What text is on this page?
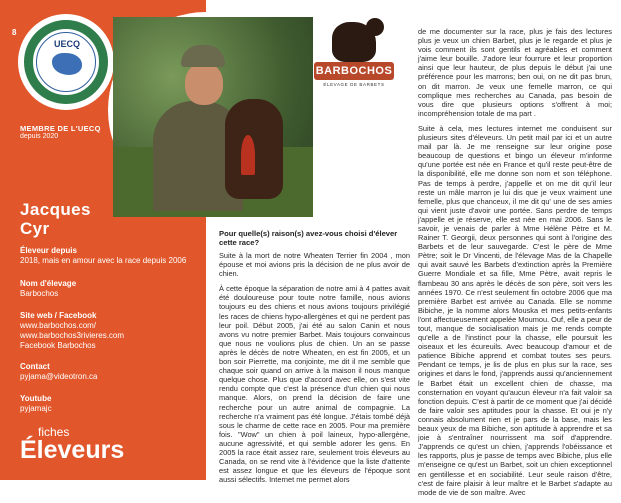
8
UECQ
MEMBRE DE L'UECQ
depuis 2020
Jacques
Cyr
Éleveur depuis
2018, mais en amour avec la race depuis 2006
Nom d'élevage
Barbochos
Site web / Facebook
www.barbochos.com/
www.barbochos3rivieres.com
Facebook Barbochos
Contact
pyjama@videotron.ca
Youtube
pyjamajc
fiches
Éleveurs
BARBOCHOS
ÉLEVAGE DE BARBETS
Pour quelle(s) raison(s) avez-vous choisi d'élever cette race?

Suite à la mort de notre Wheaten Terrier fin 2004 , mon épouse et moi avions pris la décision de ne plus avoir de chien.

À cette époque la séparation de notre ami à 4 pattes avait été douloureuse pour toute notre famille, nous avions toujours eu des chiens et nous avions toujours privilégié les races de chiens hypo-allergènes et qui ne perdent pas leur poil. Début 2005, j'ai été au salon Canin et nous avons vu notre premier Barbet. Mais toujours convaincus que nous ne voulions plus de chien. Un an se passe après le décès de notre Wheaten, en est fin 2005, et un bon soir Pierrette, ma conjointe, me dit il me semble que chaque soir quand on arrive à la maison il nous manque quelque chose. Plus que d'accord avec elle, on s'est vite rendu compte que c'est la présence d'un chien qui nous manque. Alors, on prend la décision de faire une recherche pour un autre animal de compagnie. La recherche n'a vraiment pas été longue. J'étais tombé déjà sous le charme de cette race en 2005. Pour ma première fois. "Wow" un chien à poil laineux, hypo-allergène, aucune agressivité, et qui semble adorer les gens. En 2005 la race était assez rare, seulement trois éleveurs au Canada, on se rend vite à l'évidence que la liste d'attente est assez longue et que les éleveurs de l'époque sont aussi sélectifs. Internet me permet alors

de me documenter sur la race, plus je fais des lectures plus je veux un chien Barbet, plus je le regarde et plus je vois comment ils sont gentils et agréables et comment j'aime leur bouille. J'adore leur fourrure et leur proportion ainsi que leur hauteur, de plus depuis le début j'ai une préférence pour les marrons; ben oui, on ne dit pas brun, on dit marron. Je veux une femelle marron, ce qui complique mes recherches au Canada, pas besoin de vous dire que plusieurs options s'offrent à moi; incompréhension totale de ma part .

Suite à cela, mes lectures internet me conduisent sur plusieurs sites d'éleveurs. Un petit mail par ici et un autre mail par là. Je me renseigne sur leur origine pose beaucoup de questions et bingo un éleveur m'informe qu'une portée est née en France et qu'il reste peut-être de la disponibilité, elle me donne son nom et son téléphone. Pas de temps à perdre, j'appelle et on me dit qu'il leur reste un mâle marron je lui dis que je veux vraiment une femelle, plus que chanceux, il me dit qu' une de ses amies qui vient juste d'avoir une portée. Sans perdre de temps j'appelle et je réserve, elle est née en mai 2006. Sans le savoir, je venais de parler à Mme Hélène Pètre et M. Rainer T. Georgii, deux personnes qui sont à l'origine des Barbets et de leur sauvegarde. C'est le père de Mme Pètre; soit le Dr Vincenti, de l'élevage Mas de la Chapelle qui avait sauvé les Barbets d'extinction après la Première Guerre Mondiale et sa fille, Mme Pètre, avait repris le flambeau 30 ans après le décès de son père, soit vers les années 1970. Ce n'est seulement fin octobre 2006 que ma première Barbet est arrivée au Canada. Elle se nomme Bibiche, je la nomme alors Mouska et mes petits-enfants l'ont affectueusement appelée Moumou. Ouf, elle a peur de tout, manque de socialisation mais je me rends compte qu'elle a de l'instinct pour la chasse, elle poursuit les oiseaux et les écureuils. Avec beaucoup d'amour et de patience Bibiche apprend et combat toutes ses peurs. Pendant ce temps, je lis de plus en plus sur la race, ses origines et dans le fond, j'apprends aussi qu'anciennement le Barbet était un excellent chien de chasse, ma consternation en voyant qu'aucun éleveur n'a fait valoir sa fonction depuis. C'est à partir de ce moment que j'ai décidé de faire valoir ses aptitudes pour la chasse. Et oui je n'y connais absolument rien et je pars de la base, mais les beaux yeux de ma Bibiche, son aptitude à apprendre et sa joie à s'entraîner nourrissent ma soif d'apprendre. J'apprends ce qu'est un chien, j'apprends l'obéissance et les rapports, plus je passe de temps avec Bibiche, plus elle m'enseigne ce qu'est un Barbet, soit un chien exceptionnel en gentillesse et en sociabilité. Leur seule raison d'être, c'est de faire plaisir à leur maître et le Barbet s'adapte au mode de vie de son maître. Avec
